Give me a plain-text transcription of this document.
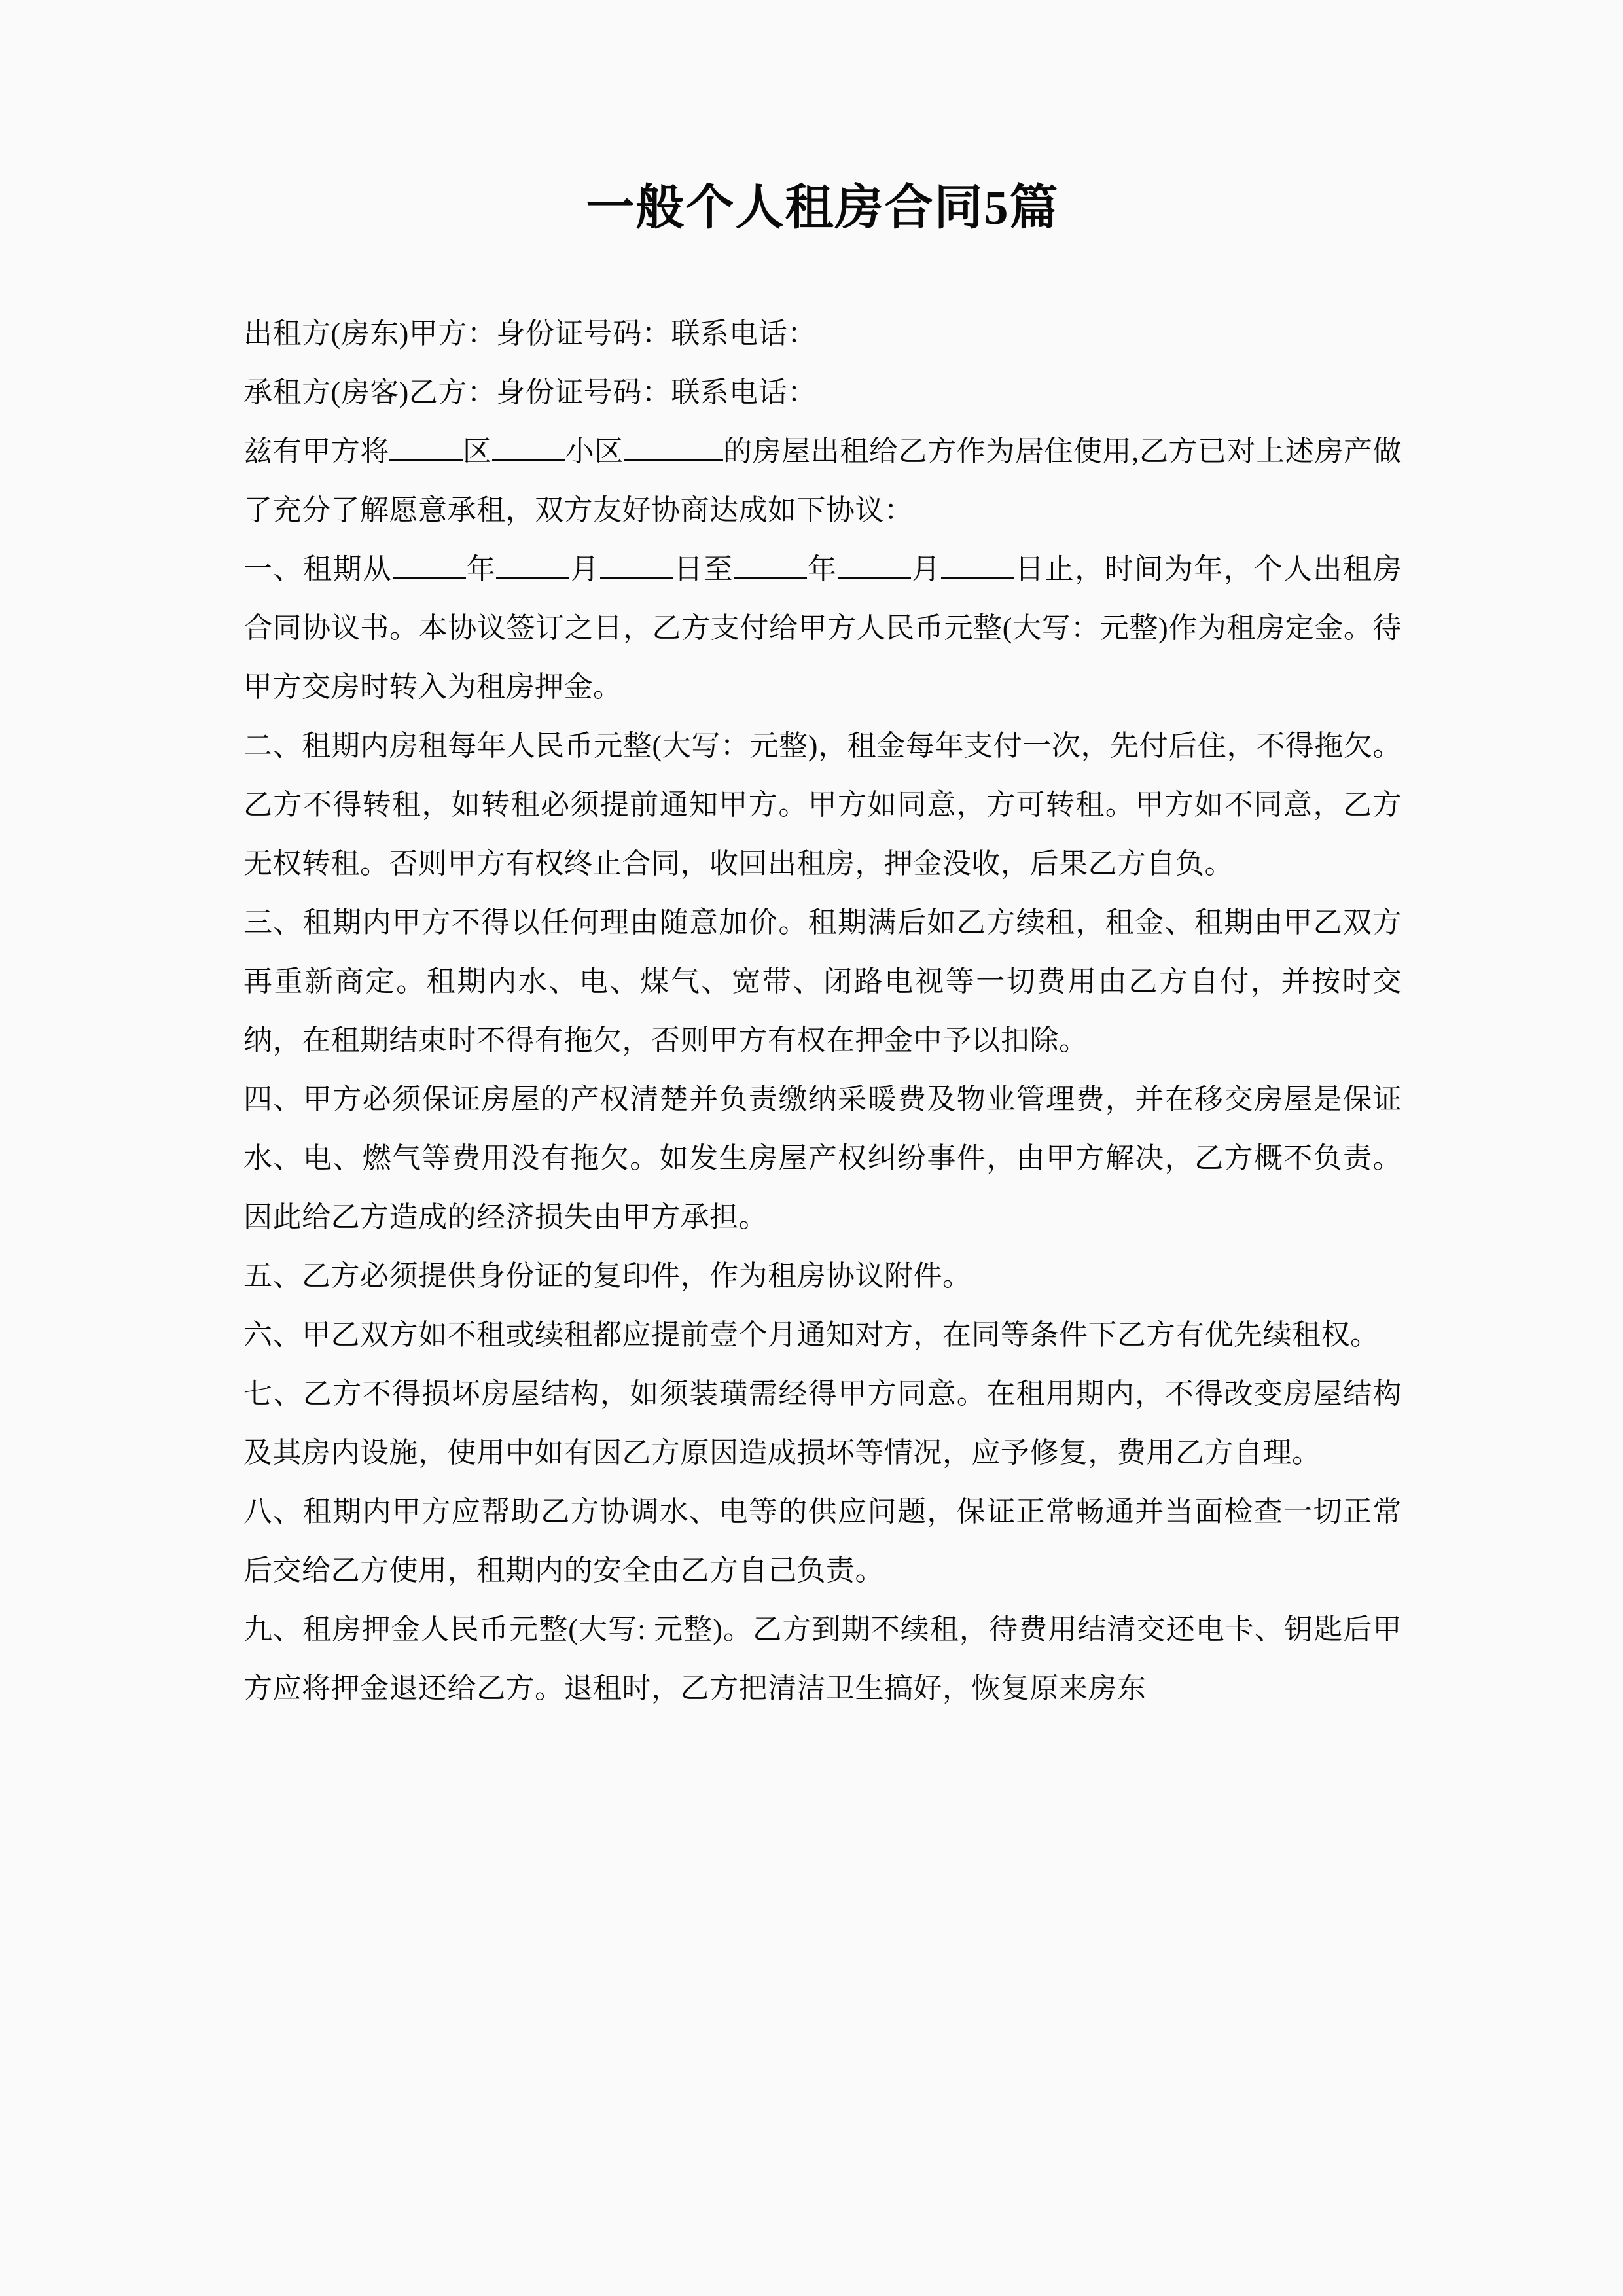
一般个人租房合同5篇

出租方(房东)甲方：身份证号码：联系电话：

承租方(房客)乙方：身份证号码：联系电话：

兹有甲方将	区	小区	的房屋出租给乙方作为居住使用,乙方已对上述房产做了充分了解愿意承租，双方友好协商达成如下协议：

一、租期从	年	月	日至	年	月	日止，时间为年，个人出租房合同协议书。本协议签订之日，乙方支付给甲方人民币元整(大写：元整)作为租房定金。待甲方交房时转入为租房押金。

二、租期内房租每年人民币元整(大写：元整)，租金每年支付一次，先付后住，不得拖欠。乙方不得转租，如转租必须提前通知甲方。甲方如同意，方可转租。甲方如不同意，乙方无权转租。否则甲方有权终止合同，收回出租房，押金没收，后果乙方自负。

三、租期内甲方不得以任何理由随意加价。租期满后如乙方续租，租金、租期由甲乙双方再重新商定。租期内水、电、煤气、宽带、闭路电视等一切费用由乙方自付，并按时交纳，在租期结束时不得有拖欠，否则甲方有权在押金中予以扣除。

四、甲方必须保证房屋的产权清楚并负责缴纳采暖费及物业管理费，并在移交房屋是保证水、电、燃气等费用没有拖欠。如发生房屋产权纠纷事件，由甲方解决，乙方概不负责。因此给乙方造成的经济损失由甲方承担。

五、乙方必须提供身份证的复印件，作为租房协议附件。

六、甲乙双方如不租或续租都应提前壹个月通知对方，在同等条件下乙方有优先续租权。

七、乙方不得损坏房屋结构，如须装璜需经得甲方同意。在租用期内，不得改变房屋结构及其房内设施，使用中如有因乙方原因造成损坏等情况，应予修复，费用乙方自理。

八、租期内甲方应帮助乙方协调水、电等的供应问题，保证正常畅通并当面检查一切正常后交给乙方使用，租期内的安全由乙方自己负责。

九、租房押金人民币元整(大写: 元整)。乙方到期不续租，待费用结清交还电卡、钥匙后甲方应将押金退还给乙方。退租时，乙方把清洁卫生搞好，恢复原来房东
